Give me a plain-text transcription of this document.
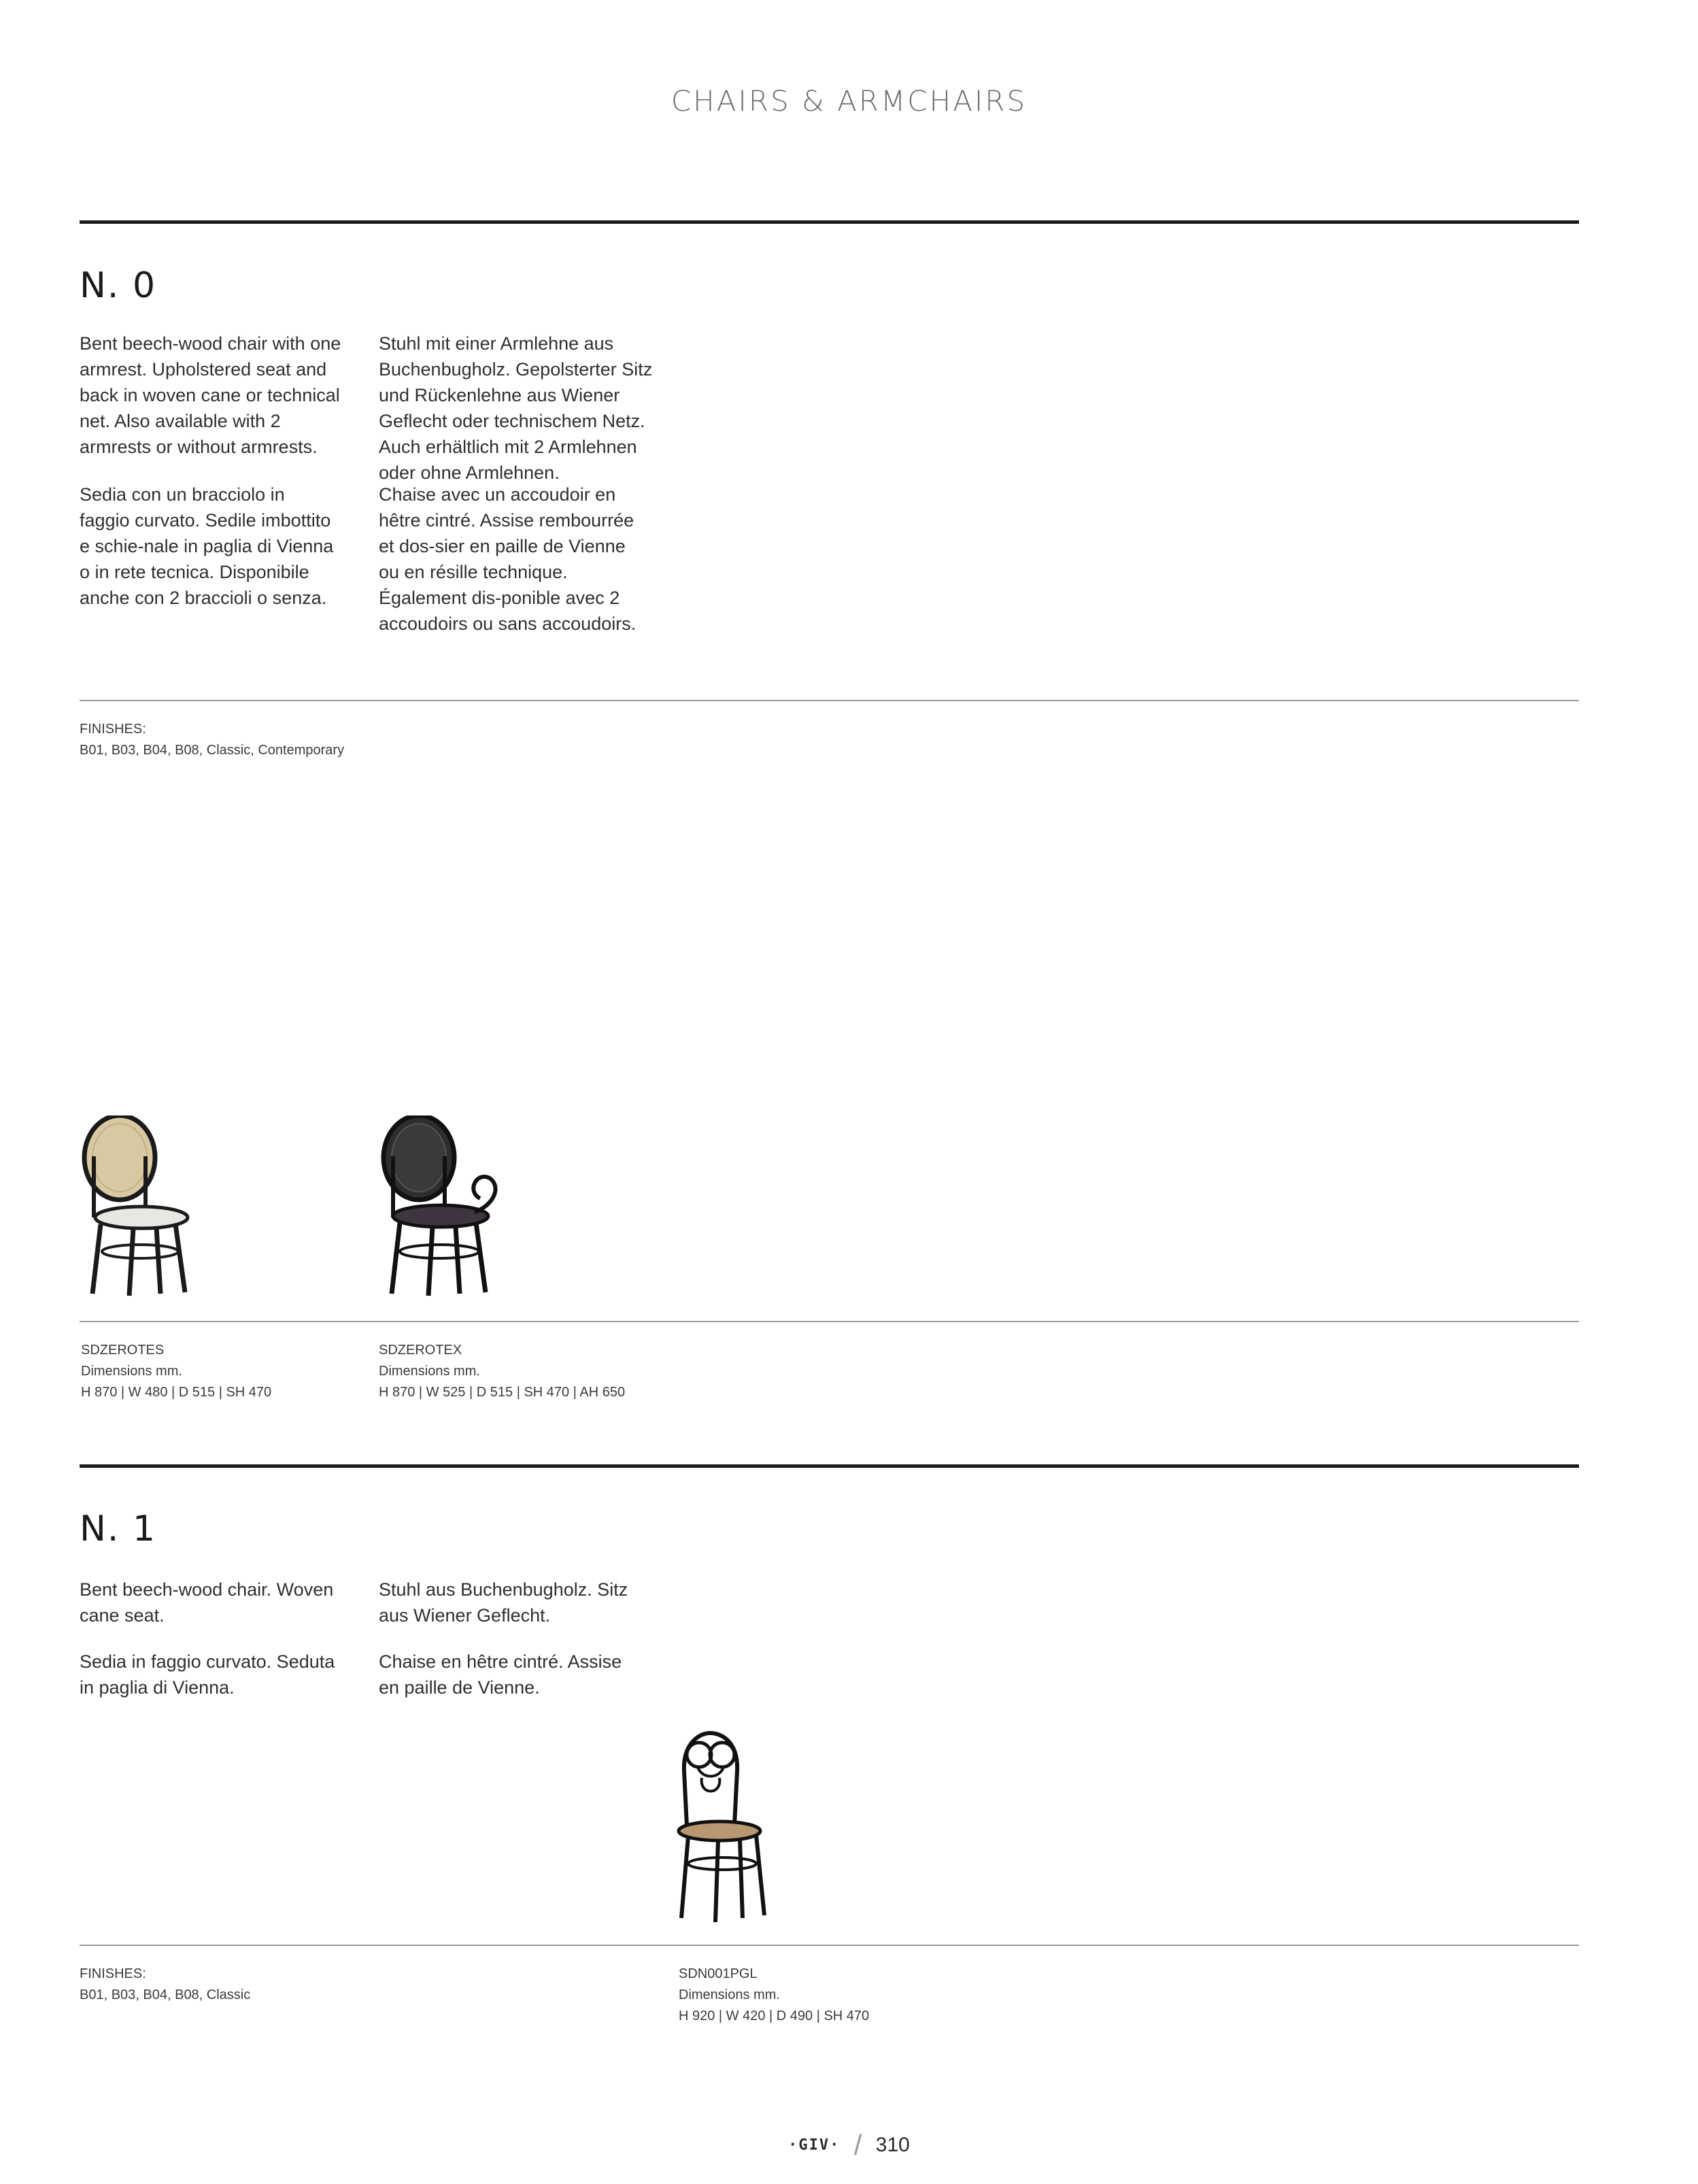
CHAIRS & ARMCHAIRS
N. 0
Bent beech-wood chair with one armrest. Upholstered seat and back in woven cane or technical net. Also available with 2 armrests or without armrests.
Stuhl mit einer Armlehne aus Buchenbugholz. Gepolsterter Sitz und Rückenlehne aus Wiener Geflecht oder technischem Netz. Auch erhältlich mit 2 Armlehnen oder ohne Armlehnen.
Sedia con un bracciolo in faggio curvato. Sedile imbottito e schie-nale in paglia di Vienna o in rete tecnica. Disponibile anche con 2 braccioli o senza.
Chaise avec un accoudoir en hêtre cintré. Assise rembourrée et dos-sier en paille de Vienne ou en résille technique. Également dis-ponible avec 2 accoudoirs ou sans accoudoirs.
FINISHES:
B01, B03, B04, B08, Classic, Contemporary
SDZEROTES
Dimensions mm.
H 870 | W 480 | D 515 | SH 470
SDZEROTEX
Dimensions mm.
H 870 | W 525 | D 515 | SH 470 | AH 650
N. 1
Bent beech-wood chair. Woven cane seat.
Stuhl aus Buchenbugholz. Sitz aus Wiener Geflecht.
Sedia in faggio curvato. Seduta in paglia di Vienna.
Chaise en hêtre cintré. Assise en paille de Vienne.
FINISHES:
B01, B03, B04, B08, Classic
SDN001PGL
Dimensions mm.
H 920 | W 420 | D 490 | SH 470
·GIV· / 310
